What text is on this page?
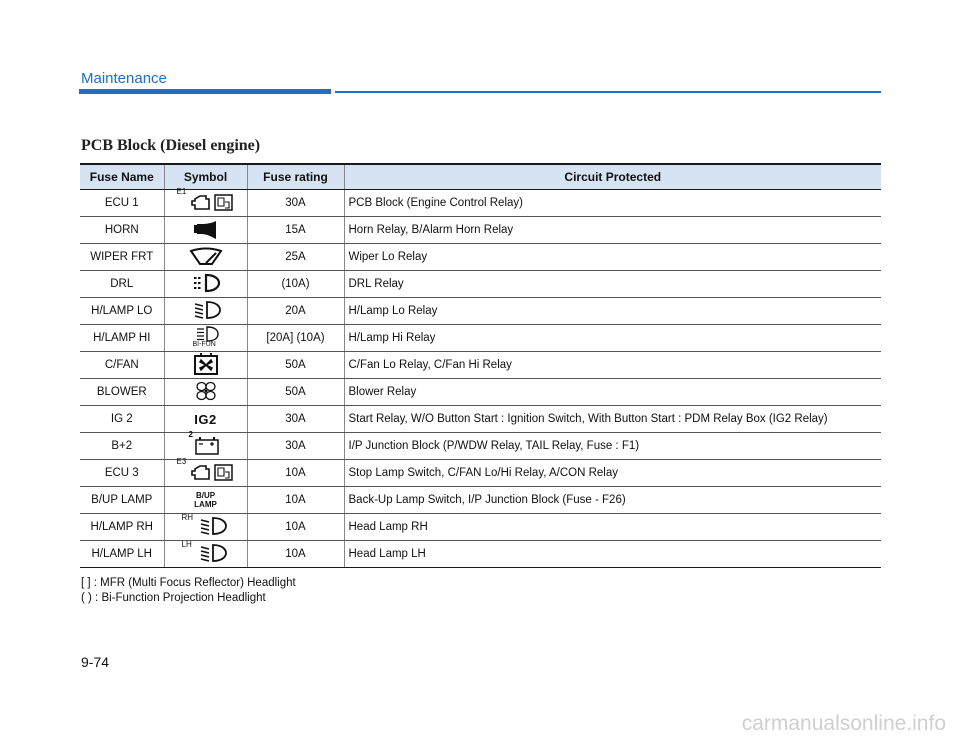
Maintenance
PCB Block (Diesel engine)
Fuse Name	Symbol	Fuse rating	Circuit Protected
ECU 1	E1	30A	PCB Block (Engine Control Relay)
HORN		15A	Horn Relay, B/Alarm Horn Relay
WIPER FRT		25A	Wiper Lo Relay
DRL		(10A)	DRL Relay
H/LAMP LO		20A	H/Lamp Lo Relay
H/LAMP HI	BI-FUN	[20A] (10A)	H/Lamp Hi Relay
C/FAN		50A	C/Fan Lo Relay, C/Fan Hi Relay
BLOWER		50A	Blower Relay
IG 2	IG2	30A	Start Relay, W/O Button Start : Ignition Switch, With Button Start : PDM Relay Box (IG2 Relay)
B+2	2	30A	I/P Junction Block (P/WDW Relay, TAIL Relay, Fuse : F1)
ECU 3	E3	10A	Stop Lamp Switch, C/FAN Lo/Hi Relay, A/CON Relay
B/UP LAMP	B/UP LAMP	10A	Back-Up Lamp Switch, I/P Junction Block (Fuse - F26)
H/LAMP RH	RH	10A	Head Lamp RH
H/LAMP LH	LH	10A	Head Lamp LH
[ ] : MFR (Multi Focus Reflector) Headlight
( ) : Bi-Function Projection Headlight
9-74
carmanualsonline.info
